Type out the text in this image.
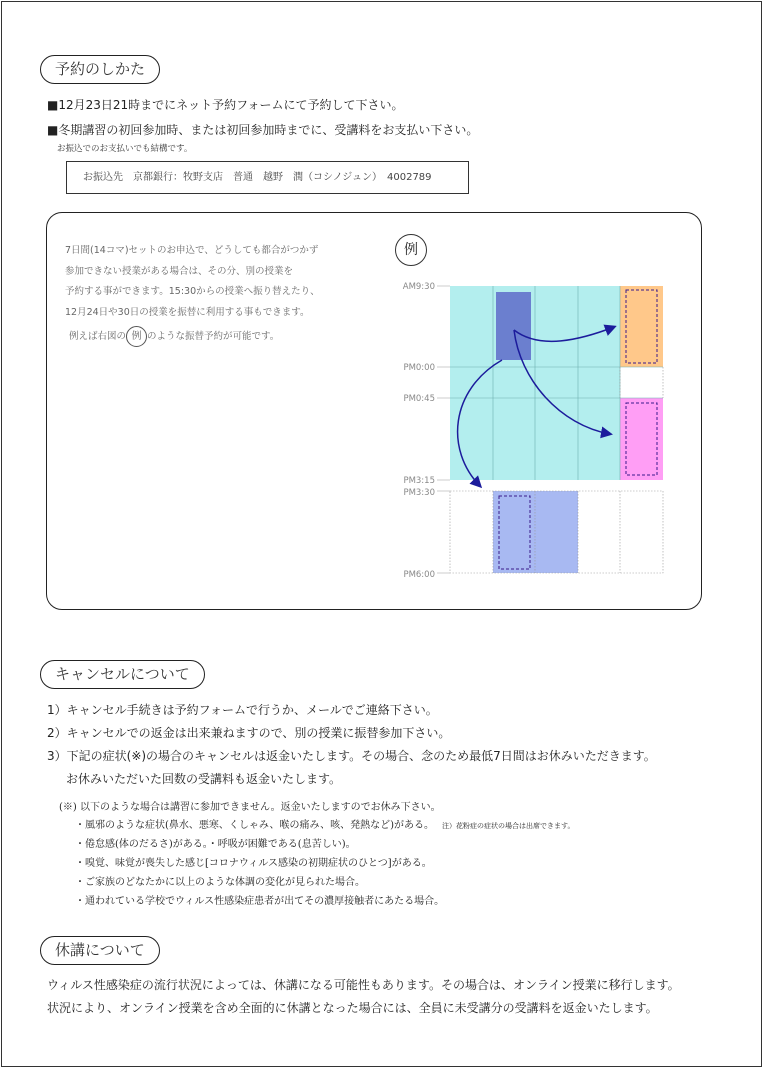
予約のしかた
■12月23日21時までにネット予約フォームにて予約して下さい。
■冬期講習の初回参加時、または初回参加時までに、受講料をお支払い下さい。
お振込でのお支払いでも結構です。
お振込先　京都銀行：牧野支店　普通　越野　潤（コシノジュン）　4002789
7日間(14コマ)セットのお申込で、どうしても都合がつかず
参加できない授業がある場合は、その分、別の授業を
予約する事ができます。15:30からの授業へ振り替えたり、
12月24日や30日の授業を振替に利用する事もできます。
例えば右図の 例 のような振替予約が可能です。
例
AM9:30
PM0:00
PM0:45
PM3:15
PM3:30
PM6:00
キャンセルについて
1）キャンセル手続きは予約フォームで行うか、メールでご連絡下さい。
2）キャンセルでの返金は出来兼ねますので、別の授業に振替参加下さい。
3）下記の症状(※)の場合のキャンセルは返金いたします。その場合、念のため最低7日間はお休みいただきます。
お休みいただいた回数の受講料も返金いたします。
(※) 以下のような場合は講習に参加できません。返金いたしますのでお休み下さい。
・風邪のような症状(鼻水、悪寒、くしゃみ、喉の痛み、咳、発熱など)がある。 注）花粉症の症状の場合は出席できます。
・倦怠感(体のだるさ)がある。・呼吸が困難である(息苦しい)。
・嗅覚、味覚が喪失した感じ[コロナウィルス感染の初期症状のひとつ]がある。
・ご家族のどなたかに以上のような体調の変化が見られた場合。
・通われている学校でウィルス性感染症患者が出てその濃厚接触者にあたる場合。
休講について
ウィルス性感染症の流行状況によっては、休講になる可能性もあります。その場合は、オンライン授業に移行します。
状況により、オンライン授業を含め全面的に休講となった場合には、全員に未受講分の受講料を返金いたします。
